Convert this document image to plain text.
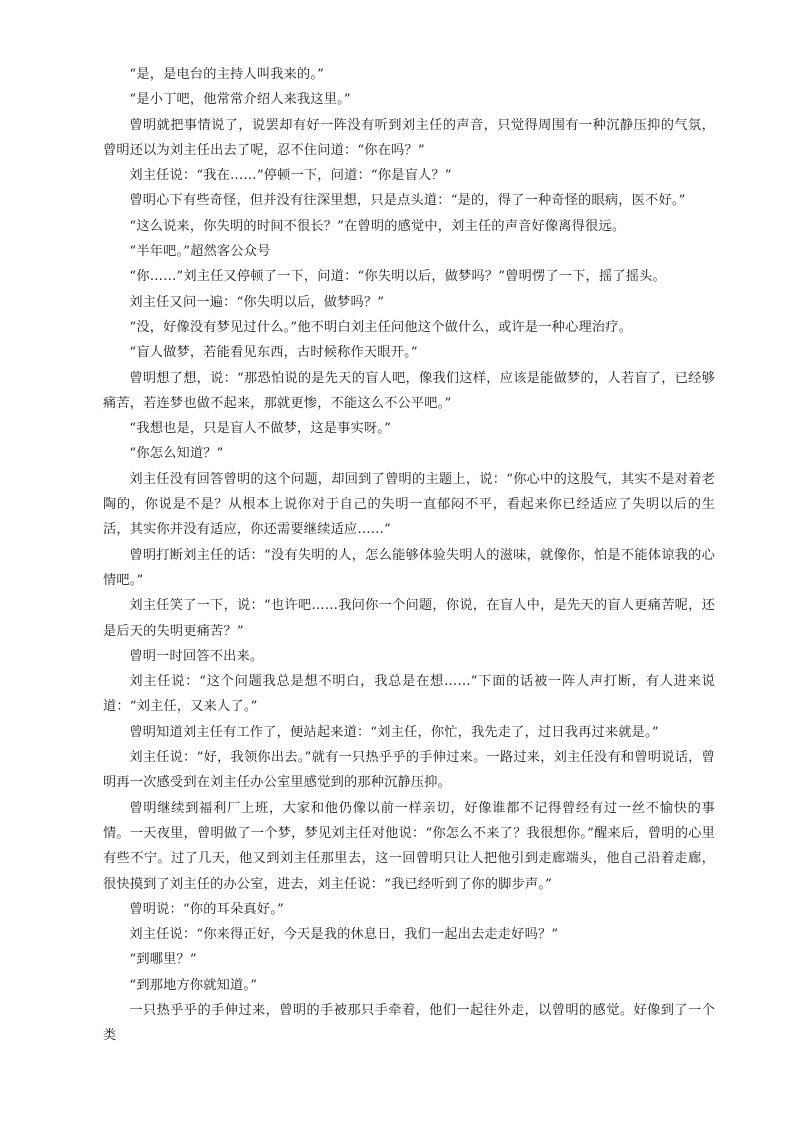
“是，是电台的主持人叫我来的。”

“是小丁吧，他常常介绍人来我这里。”

曾明就把事情说了，说罢却有好一阵没有听到刘主任的声音，只觉得周围有一种沉静压抑的气氛，曾明还以为刘主任出去了呢，忍不住问道：“你在吗？”

刘主任说：“我在……”停顿一下，问道：“你是盲人？”

曾明心下有些奇怪，但并没有往深里想，只是点头道：“是的，得了一种奇怪的眼病，医不好。”

“这么说来，你失明的时间不很长？”在曾明的感觉中，刘主任的声音好像离得很远。

“半年吧。”超然客公众号

“你……”刘主任又停顿了一下，问道：“你失明以后，做梦吗？”曾明愣了一下，摇了摇头。

刘主任又问一遍：“你失明以后，做梦吗？”

“没，好像没有梦见过什么。”他不明白刘主任问他这个做什么，或许是一种心理治疗。

“盲人做梦，若能看见东西，古时候称作天眼开。”

曾明想了想，说：“那恐怕说的是先天的盲人吧，像我们这样，应该是能做梦的，人若盲了，已经够痛苦，若连梦也做不起来，那就更惨，不能这么不公平吧。”

“我想也是，只是盲人不做梦，这是事实呀。”

“你怎么知道？”

刘主任没有回答曾明的这个问题，却回到了曾明的主题上，说：“你心中的这股气，其实不是对着老陶的，你说是不是？从根本上说你对于自己的失明一直郁闷不平，看起来你已经适应了失明以后的生活，其实你并没有适应，你还需要继续适应……”

曾明打断刘主任的话：“没有失明的人，怎么能够体验失明人的滋味，就像你，怕是不能体谅我的心情吧。”

刘主任笑了一下，说：“也许吧……我问你一个问题，你说，在盲人中，是先天的盲人更痛苦呢，还是后天的失明更痛苦？”

曾明一时回答不出来。

刘主任说：“这个问题我总是想不明白，我总是在想……”下面的话被一阵人声打断，有人进来说道：“刘主任，又来人了。”

曾明知道刘主任有工作了，便站起来道：“刘主任，你忙，我先走了，过日我再过来就是。”

刘主任说：“好，我领你出去。”就有一只热乎乎的手伸过来。一路过来，刘主任没有和曾明说话，曾明再一次感受到在刘主任办公室里感觉到的那种沉静压抑。

曾明继续到福利厂上班，大家和他仍像以前一样亲切，好像谁都不记得曾经有过一丝不愉快的事情。一天夜里，曾明做了一个梦，梦见刘主任对他说：“你怎么不来了？我很想你。”醒来后，曾明的心里有些不宁。过了几天，他又到刘主任那里去，这一回曾明只让人把他引到走廊端头，他自己沿着走廊，很快摸到了刘主任的办公室，进去，刘主任说：“我已经听到了你的脚步声。”

曾明说：“你的耳朵真好。”

刘主任说：“你来得正好，今天是我的休息日，我们一起出去走走好吗？”

“到哪里？”

“到那地方你就知道。”

一只热乎乎的手伸过来，曾明的手被那只手牵着，他们一起往外走，以曾明的感觉。好像到了一个类
